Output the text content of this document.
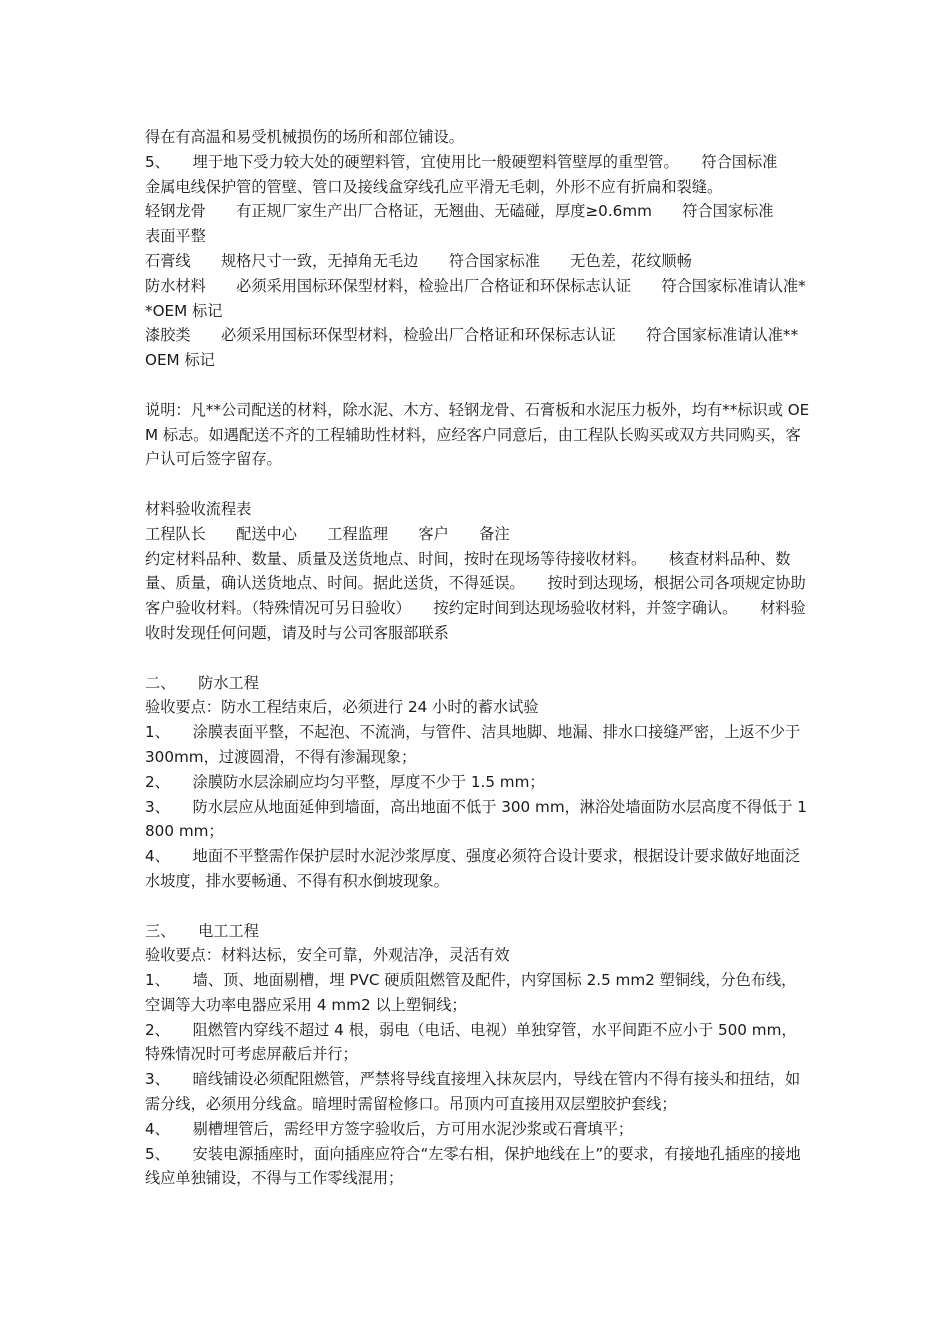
得在有高温和易受机械损伤的场所和部位铺设。

5、　　埋于地下受力较大处的硬塑料管，宜使用比一般硬塑料管壁厚的重型管。　　符合国标准　　金属电线保护管的管壁、管口及接线盒穿线孔应平滑无毛刺，外形不应有折扁和裂缝。

轻钢龙骨　　有正规厂家生产出厂合格证，无翘曲、无磕碰，厚度≥0.6mm　　符合国家标准　　表面平整

石膏线　　规格尺寸一致，无掉角无毛边　　符合国家标准　　无色差，花纹顺畅

防水材料　　必须采用国标环保型材料，检验出厂合格证和环保标志认证　　符合国家标准请认准**OEM 标记

漆胶类　　必须采用国标环保型材料，检验出厂合格证和环保标志认证　　符合国家标准请认准**OEM 标记

说明：凡**公司配送的材料，除水泥、木方、轻钢龙骨、石膏板和水泥压力板外，均有**标识或 OEM 标志。如遇配送不齐的工程辅助性材料，应经客户同意后，由工程队长购买或双方共同购买，客户认可后签字留存。

材料验收流程表

工程队长　　配送中心　　工程监理　　客户　　备注

约定材料品种、数量、质量及送货地点、时间，按时在现场等待接收材料。　　核查材料品种、数量、质量，确认送货地点、时间。据此送货，不得延误。　　按时到达现场，根据公司各项规定协助客户验收材料。（特殊情况可另日验收）　　按约定时间到达现场验收材料，并签字确认。　　材料验收时发现任何问题，请及时与公司客服部联系

二、　　防水工程

验收要点：防水工程结束后，必须进行 24 小时的蓄水试验

1、　　涂膜表面平整，不起泡、不流淌，与管件、洁具地脚、地漏、排水口接缝严密，上返不少于 300mm，过渡圆滑，不得有渗漏现象；

2、　　涂膜防水层涂刷应均匀平整，厚度不少于 1.5 mm；

3、　　防水层应从地面延伸到墙面，高出地面不低于 300 mm，淋浴处墙面防水层高度不得低于 1800 mm；

4、　　地面不平整需作保护层时水泥沙浆厚度、强度必须符合设计要求，根据设计要求做好地面泛水坡度，排水要畅通、不得有积水倒坡现象。

三、　　电工工程

验收要点：材料达标，安全可靠，外观洁净，灵活有效

1、　　墙、顶、地面剔槽，埋 PVC 硬质阻燃管及配件，内穿国标 2.5 mm2 塑铜线，分色布线，空调等大功率电器应采用 4 mm2 以上塑铜线；

2、　　阻燃管内穿线不超过 4 根，弱电（电话、电视）单独穿管，水平间距不应小于 500 mm，特殊情况时可考虑屏蔽后并行；

3、　　暗线铺设必须配阻燃管，严禁将导线直接埋入抹灰层内，导线在管内不得有接头和扭结，如需分线，必须用分线盒。暗埋时需留检修口。吊顶内可直接用双层塑胶护套线；

4、　　剔槽埋管后，需经甲方签字验收后，方可用水泥沙浆或石膏填平；

5、　　安装电源插座时，面向插座应符合“左零右相，保护地线在上”的要求，有接地孔插座的接地线应单独铺设，不得与工作零线混用；
